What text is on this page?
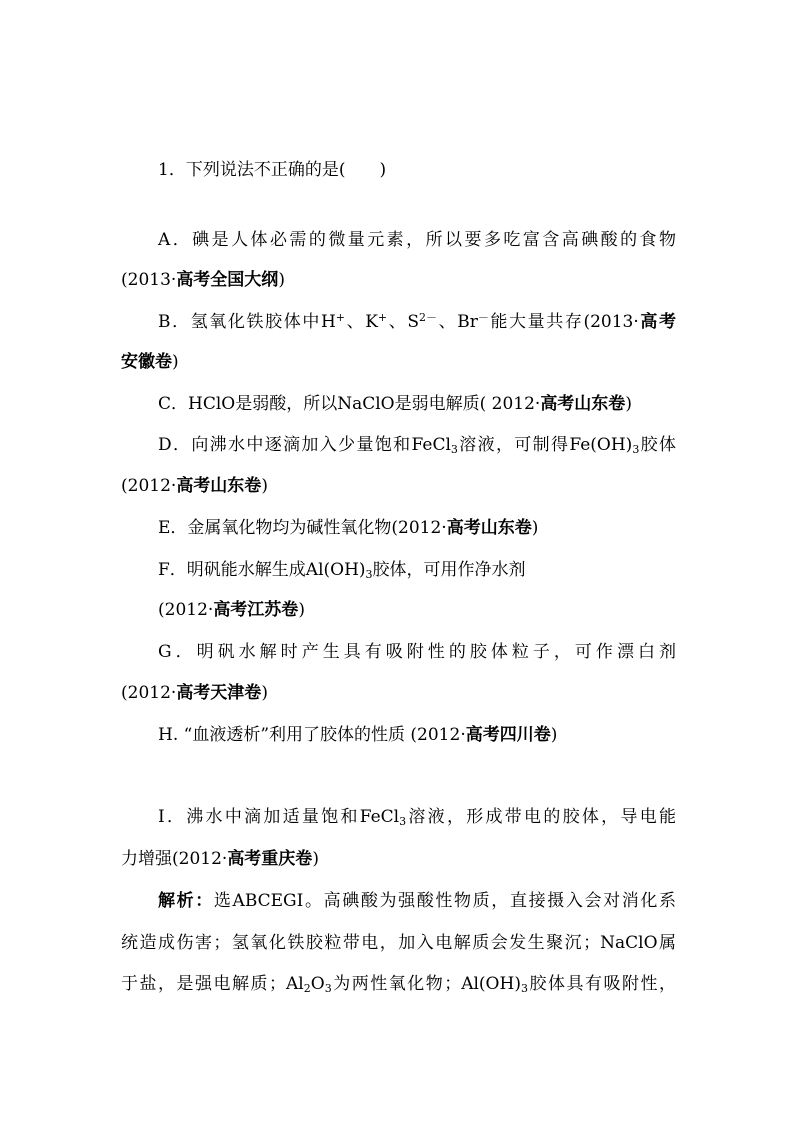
1．下列说法不正确的是(　　)
A．碘是人体必需的微量元素，所以要多吃富含高碘酸的食物
(2013·高考全国大纲)
B．氢氧化铁胶体中H+、K+、$S^{2-}$、Br－能大量共存(2013·高考
安徽卷)
C．HClO是弱酸，所以NaClO是弱电解质( 2012·高考山东卷)
D．向沸水中逐滴加入少量饱和FeCl$_3$溶液，可制得$Fe(OH)_3$胶体
(2012·高考山东卷)
E．金属氧化物均为碱性氧化物(2012·高考山东卷)
F．明矾能水解生成$Al(OH)_3$胶体，可用作净水剂
(2012·高考江苏卷)
G．明矾水解时产生具有吸附性的胶体粒子，可作漂白剂
(2012·高考天津卷)
H. “血液透析”利用了胶体的性质 (2012·高考四川卷)
I．沸水中滴加适量饱和FeCl$_3$溶液，形成带电的胶体，导电能
力增强(2012·高考重庆卷)
解析：选ABCEGI。高碘酸为强酸性物质，直接摄入会对消化系
统造成伤害；氢氧化铁胶粒带电，加入电解质会发生聚沉；NaClO属
于盐，是强电解质；$Al_2O_3$为两性氧化物；$Al(OH)_3$胶体具有吸附性，
